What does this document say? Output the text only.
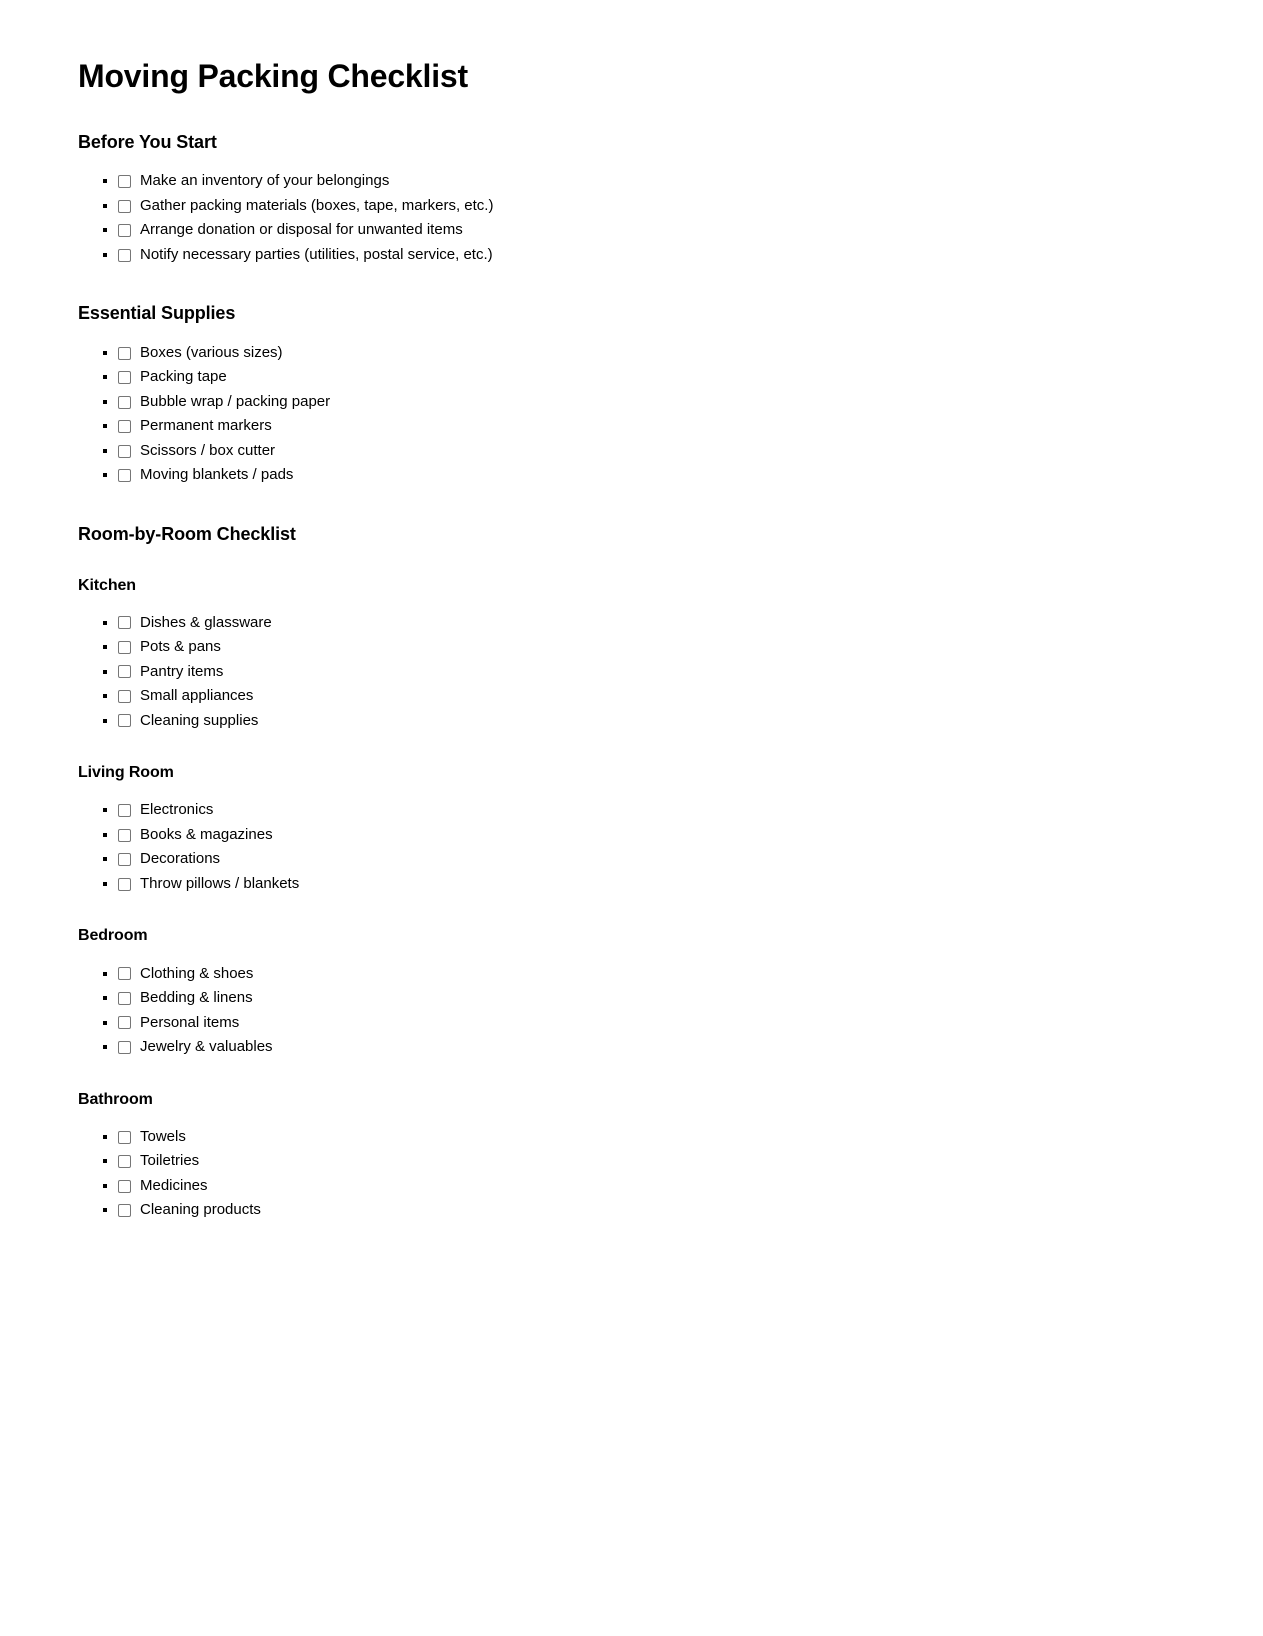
Moving Packing Checklist
Before You Start
▪ Make an inventory of your belongings
▪ Gather packing materials (boxes, tape, markers, etc.)
▪ Arrange donation or disposal for unwanted items
▪ Notify necessary parties (utilities, postal service, etc.)
Essential Supplies
▪ Boxes (various sizes)
▪ Packing tape
▪ Bubble wrap / packing paper
▪ Permanent markers
▪ Scissors / box cutter
▪ Moving blankets / pads
Room-by-Room Checklist
Kitchen
▪ Dishes & glassware
▪ Pots & pans
▪ Pantry items
▪ Small appliances
▪ Cleaning supplies
Living Room
▪ Electronics
▪ Books & magazines
▪ Decorations
▪ Throw pillows / blankets
Bedroom
▪ Clothing & shoes
▪ Bedding & linens
▪ Personal items
▪ Jewelry & valuables
Bathroom
▪ Towels
▪ Toiletries
▪ Medicines
▪ Cleaning products
